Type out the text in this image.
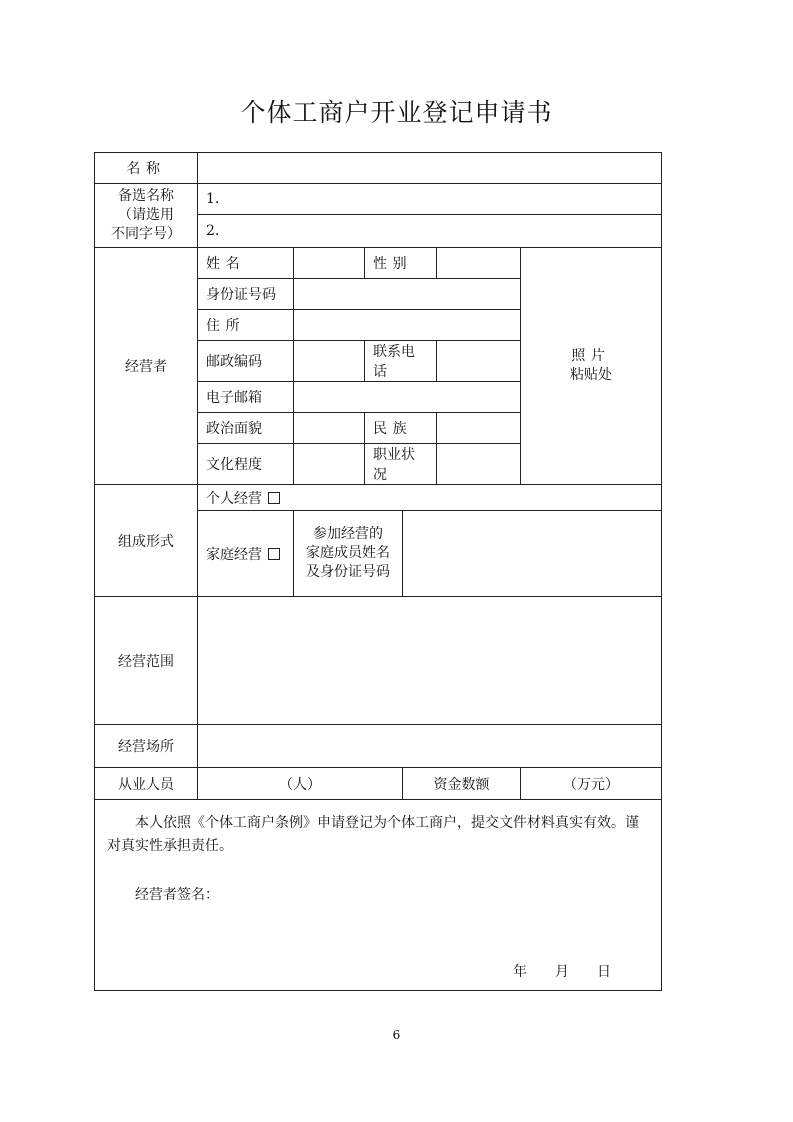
个体工商户开业登记申请书
名称						

备选名称
（请选用
不同字号）	1.					
	2.					
经营者	姓名		性别			照片
粘贴处

	身份证号码					
	住所					
	邮政编码		联系电话			
	电子邮箱					
	政治面貌		民族			
	文化程度		职业状况			
组成形式	个人经营					
	家庭经营	参加经营的
家庭成员姓名
及身份证号码				

经营范围						
经营场所						
从业人员	（人）			资金数额		（万元）

本人依照《个体工商户条例》申请登记为个体工商户，提交文件材料真实有效。谨对真实性承担责任。

经营者签名：

年　　月　　日						

6
